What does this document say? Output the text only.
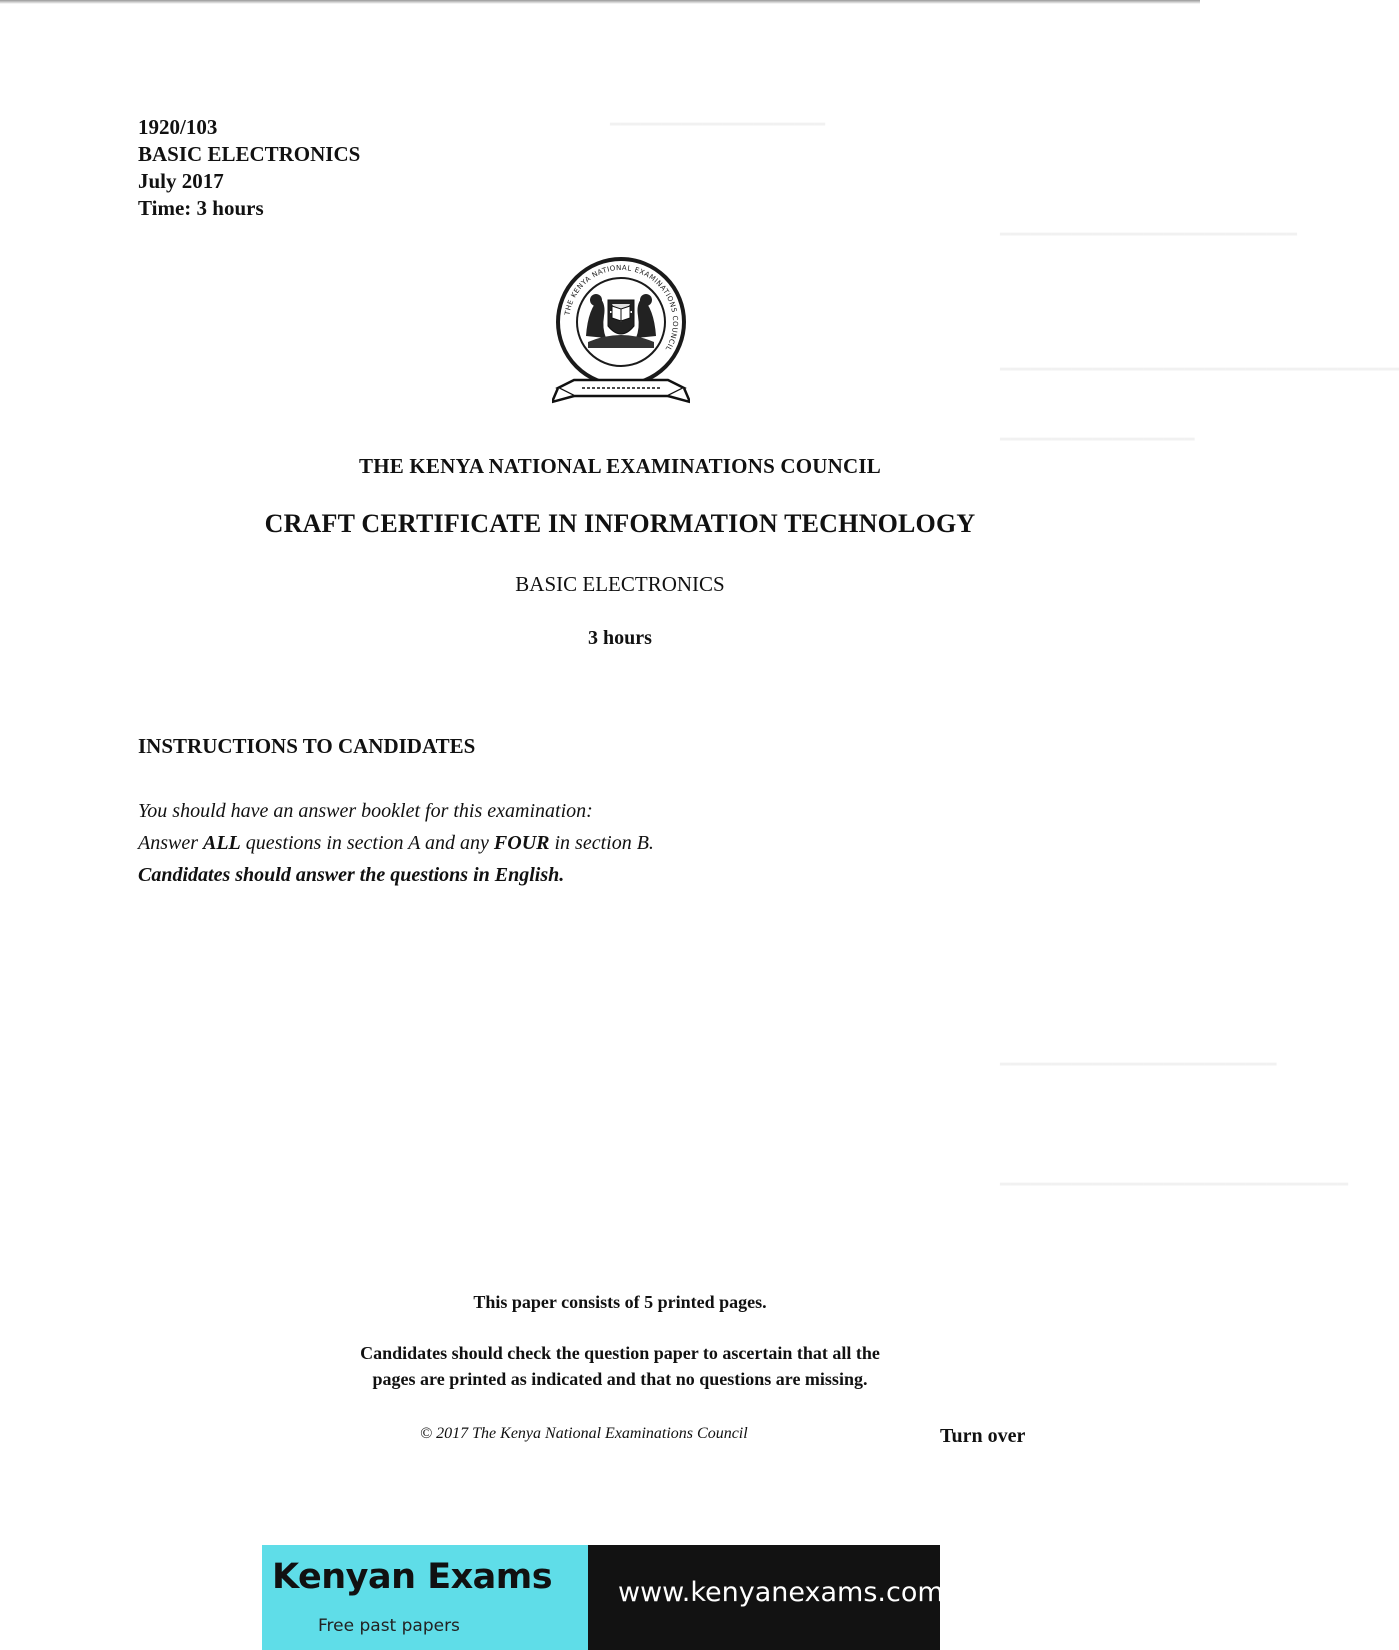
━━━━━━━━━━━━━━━━━━━━━
━━━━━━━━━━━━━━━━━━━━━━━━━━━━━
━━━━━━━━━━━━━━━━━━━━━━━━━━━━━━━━━━━━━━━
━━━━━━━━━━━━━━━━━━━
━━━━━━━━━━━━━━━━━━━━━━━━━━━
━━━━━━━━━━━━━━━━━━━━━━━━━━━━━━━━━━
1920/103
BASIC ELECTRONICS
July 2017
Time: 3 hours
THE KENYA NATIONAL EXAMINATIONS COUNCIL
THE KENYA NATIONAL EXAMINATIONS COUNCIL
CRAFT CERTIFICATE IN INFORMATION TECHNOLOGY
BASIC ELECTRONICS
3 hours
INSTRUCTIONS TO CANDIDATES
You should have an answer booklet for this examination:
Answer ALL questions in section A and any FOUR in section B.
Candidates should answer the questions in English.
This paper consists of 5 printed pages.
Candidates should check the question paper to ascertain that all the
pages are printed as indicated and that no questions are missing.
© 2017 The Kenya National Examinations Council	Turn over
Kenyan Exams
Free past papers
www.kenyanexams.com
